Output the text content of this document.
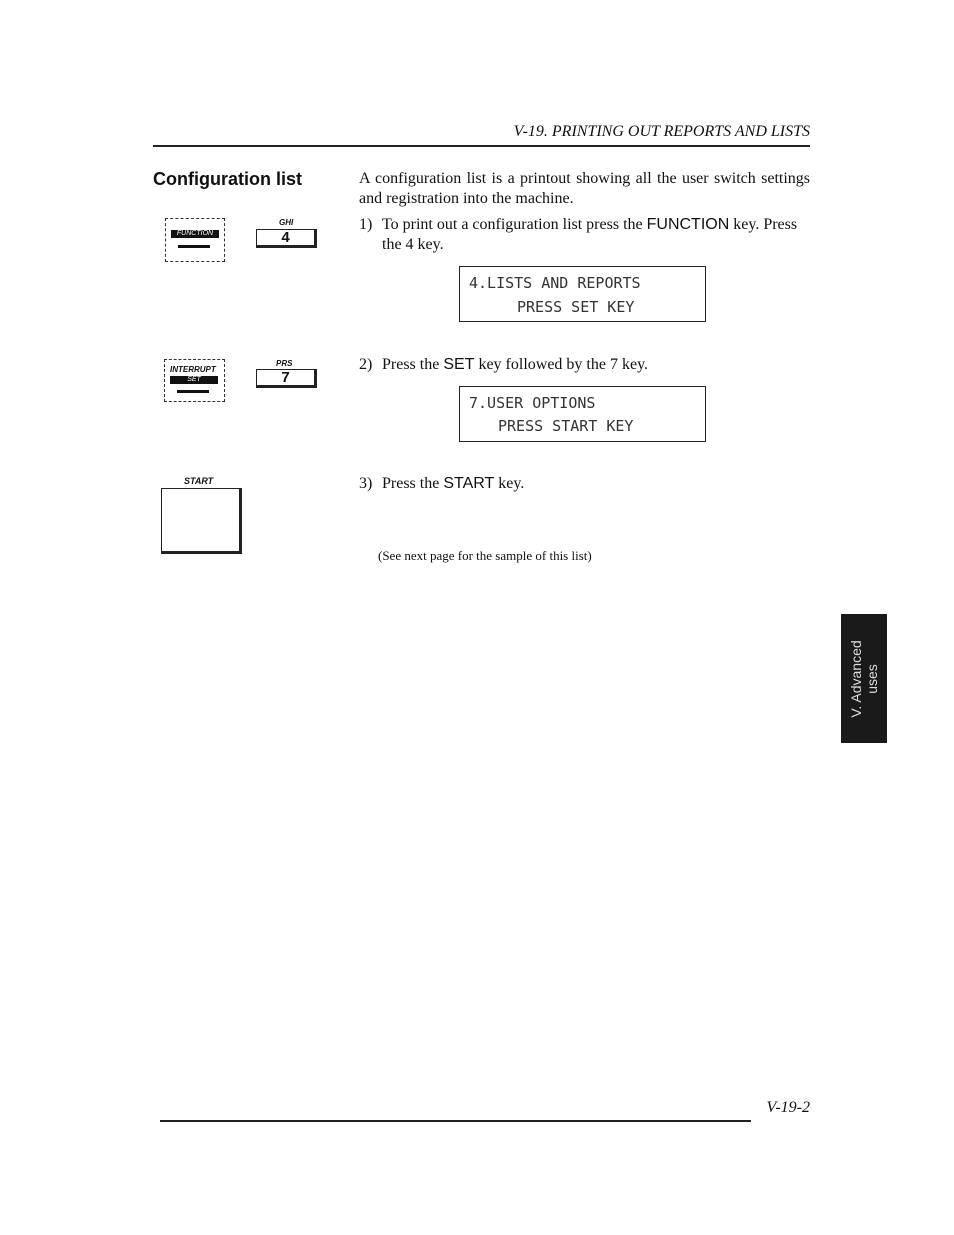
V-19. PRINTING OUT REPORTS AND LISTS
Configuration list	A configuration list is a printout showing all the user switch settings and registration into the machine.
1) To print out a configuration list press the FUNCTION key. Press the 4 key.
4.LISTS AND REPORTS
PRESS SET KEY
2) Press the SET key followed by the 7 key.
7.USER OPTIONS
PRESS START KEY
3) Press the START key.
FUNCTION
GHI
4
INTERRUPT
SET
PRS
7
START
(See next page for the sample of this list)
V. Advanced uses
V-19-2
